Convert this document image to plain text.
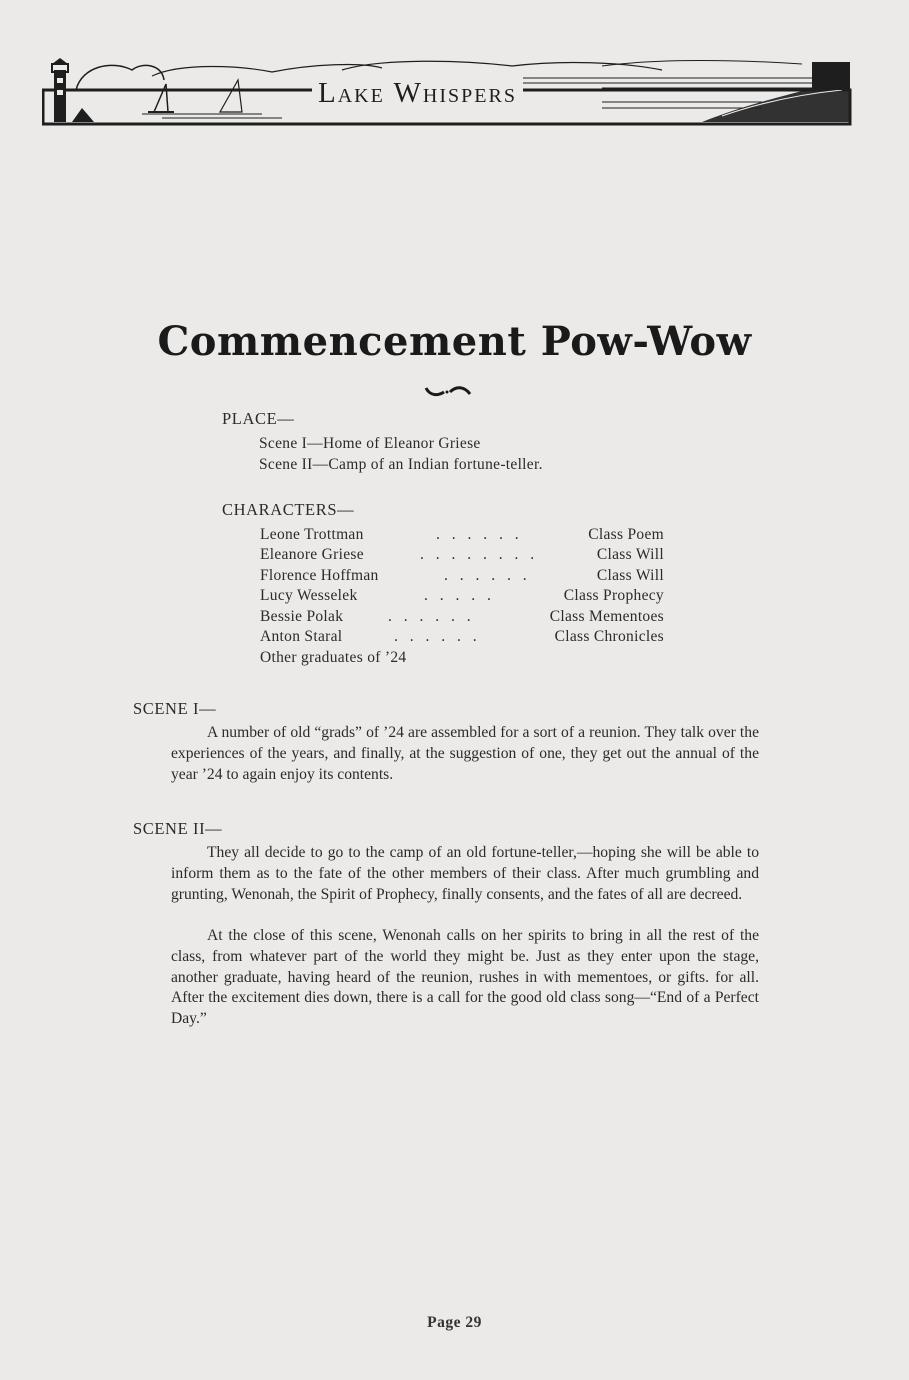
Lake Whispers
Commencement Pow-Wow
PLACE—
Scene I—Home of Eleanor Griese
Scene II—Camp of an Indian fortune-teller.
CHARACTERS—
Leone Trottman	. . . . . .	Class Poem
Eleanore Griese	. . . . . . . .	Class Will
Florence Hoffman	. . . . . .	Class Will
Lucy Wesselek	. . . . .	Class Prophecy
Bessie Polak	. . . . . .	Class Mementoes
Anton Staral	. . . . . .	Class Chronicles
Other graduates of ’24
SCENE I—

A number of old “grads” of ’24 are assembled for a sort of a reunion. They talk over the experiences of the years, and finally, at the suggestion of one, they get out the annual of the year ’24 to again enjoy its contents.

SCENE II—

They all decide to go to the camp of an old fortune-teller,—hoping she will be able to inform them as to the fate of the other members of their class. After much grumbling and grunting, Wenonah, the Spirit of Prophecy, finally consents, and the fates of all are decreed.

At the close of this scene, Wenonah calls on her spirits to bring in all the rest of the class, from whatever part of the world they might be. Just as they enter upon the stage, another graduate, having heard of the reunion, rushes in with mementoes, or gifts. for all. After the excitement dies down, there is a call for the good old class song—“End of a Perfect Day.”

Page 29
